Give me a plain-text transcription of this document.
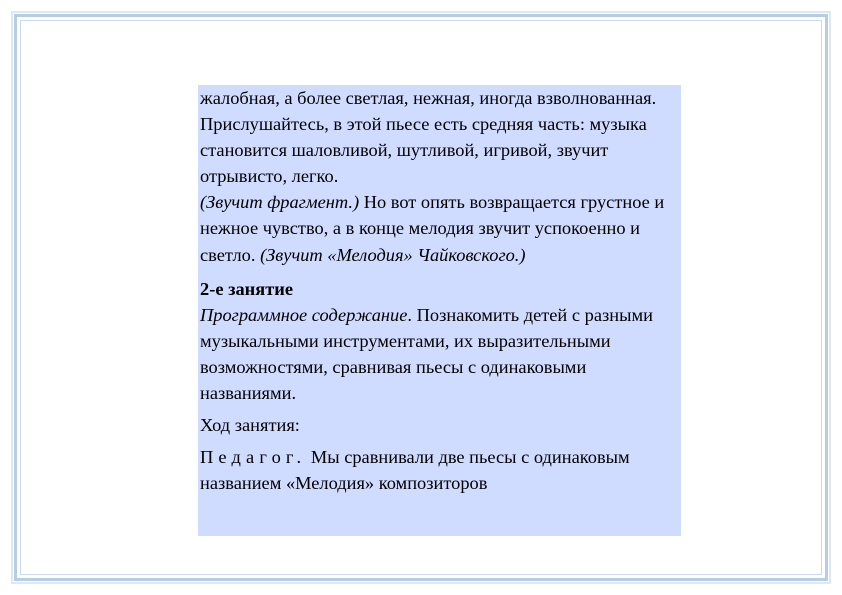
жалобная, а более светлая, нежная, иногда взволнованная. Прислушайтесь, в этой пьесе есть средняя часть: музыка становится шаловливой, шутливой, игривой, звучит отрывисто, легко.
(Звучит фрагмент.) Но вот опять возвращается грустное и нежное чувство, а в конце мелодия звучит успокоенно и светло. (Звучит «Мелодия» Чайковского.)

2-е занятие

Программное содержание. Познакомить детей с разными музыкальными инструментами, их выразительными возможностями, сравнивая пьесы с одинаковыми названиями.

Ход занятия:

Педагог. Мы сравнивали две пьесы с одинаковым названием «Мелодия» композиторов
